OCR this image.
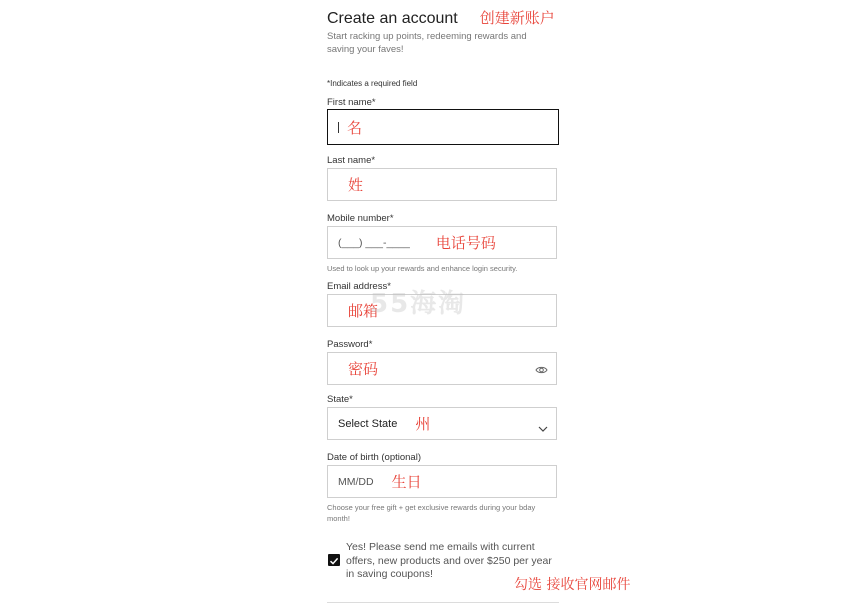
Create an account 创建新账户
Start racking up points, redeeming rewards and saving your faves!
*Indicates a required field
First name*
名
Last name*
姓
Mobile number*
(___) ___-____ 电话号码
Used to look up your rewards and enhance login security.
Email address*
邮箱
55海淘
Password*
密码
State*
Select State 州
Date of birth (optional)
MM/DD 生日
Choose your free gift + get exclusive rewards during your bday month!
Yes! Please send me emails with current offers, new products and over $250 per year in saving coupons!
勾选 接收官网邮件
